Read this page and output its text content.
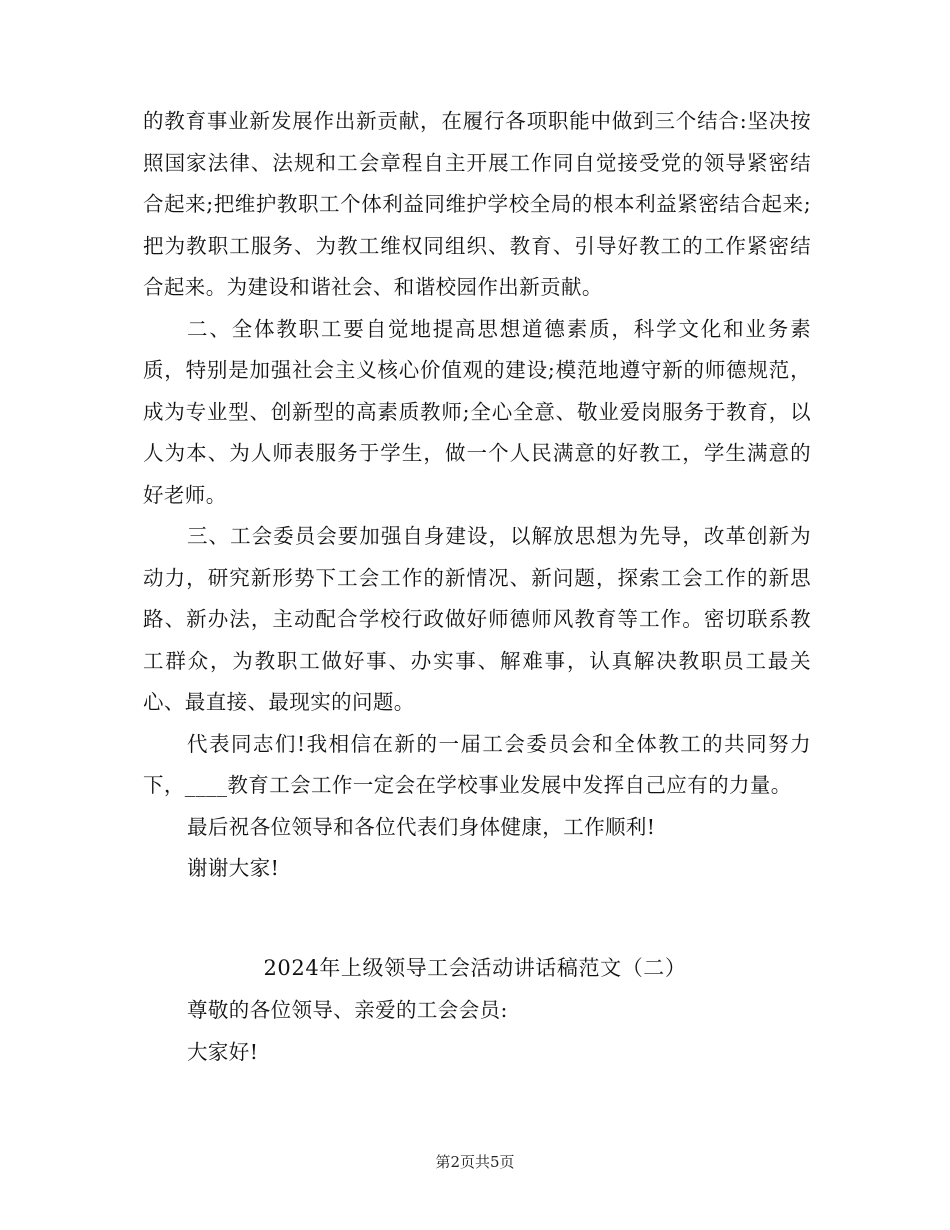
的教育事业新发展作出新贡献，在履行各项职能中做到三个结合:坚决按照国家法律、法规和工会章程自主开展工作同自觉接受党的领导紧密结合起来;把维护教职工个体利益同维护学校全局的根本利益紧密结合起来;把为教职工服务、为教工维权同组织、教育、引导好教工的工作紧密结合起来。为建设和谐社会、和谐校园作出新贡献。

二、全体教职工要自觉地提高思想道德素质，科学文化和业务素质，特别是加强社会主义核心价值观的建设;模范地遵守新的师德规范，成为专业型、创新型的高素质教师;全心全意、敬业爱岗服务于教育，以人为本、为人师表服务于学生，做一个人民满意的好教工，学生满意的好老师。

三、工会委员会要加强自身建设，以解放思想为先导，改革创新为动力，研究新形势下工会工作的新情况、新问题，探索工会工作的新思路、新办法，主动配合学校行政做好师德师风教育等工作。密切联系教工群众，为教职工做好事、办实事、解难事，认真解决教职员工最关心、最直接、最现实的问题。

代表同志们!我相信在新的一届工会委员会和全体教工的共同努力下，____教育工会工作一定会在学校事业发展中发挥自己应有的力量。

最后祝各位领导和各位代表们身体健康，工作顺利!

谢谢大家!

2024年上级领导工会活动讲话稿范文（二）

尊敬的各位领导、亲爱的工会会员:

大家好!

第2页共5页
